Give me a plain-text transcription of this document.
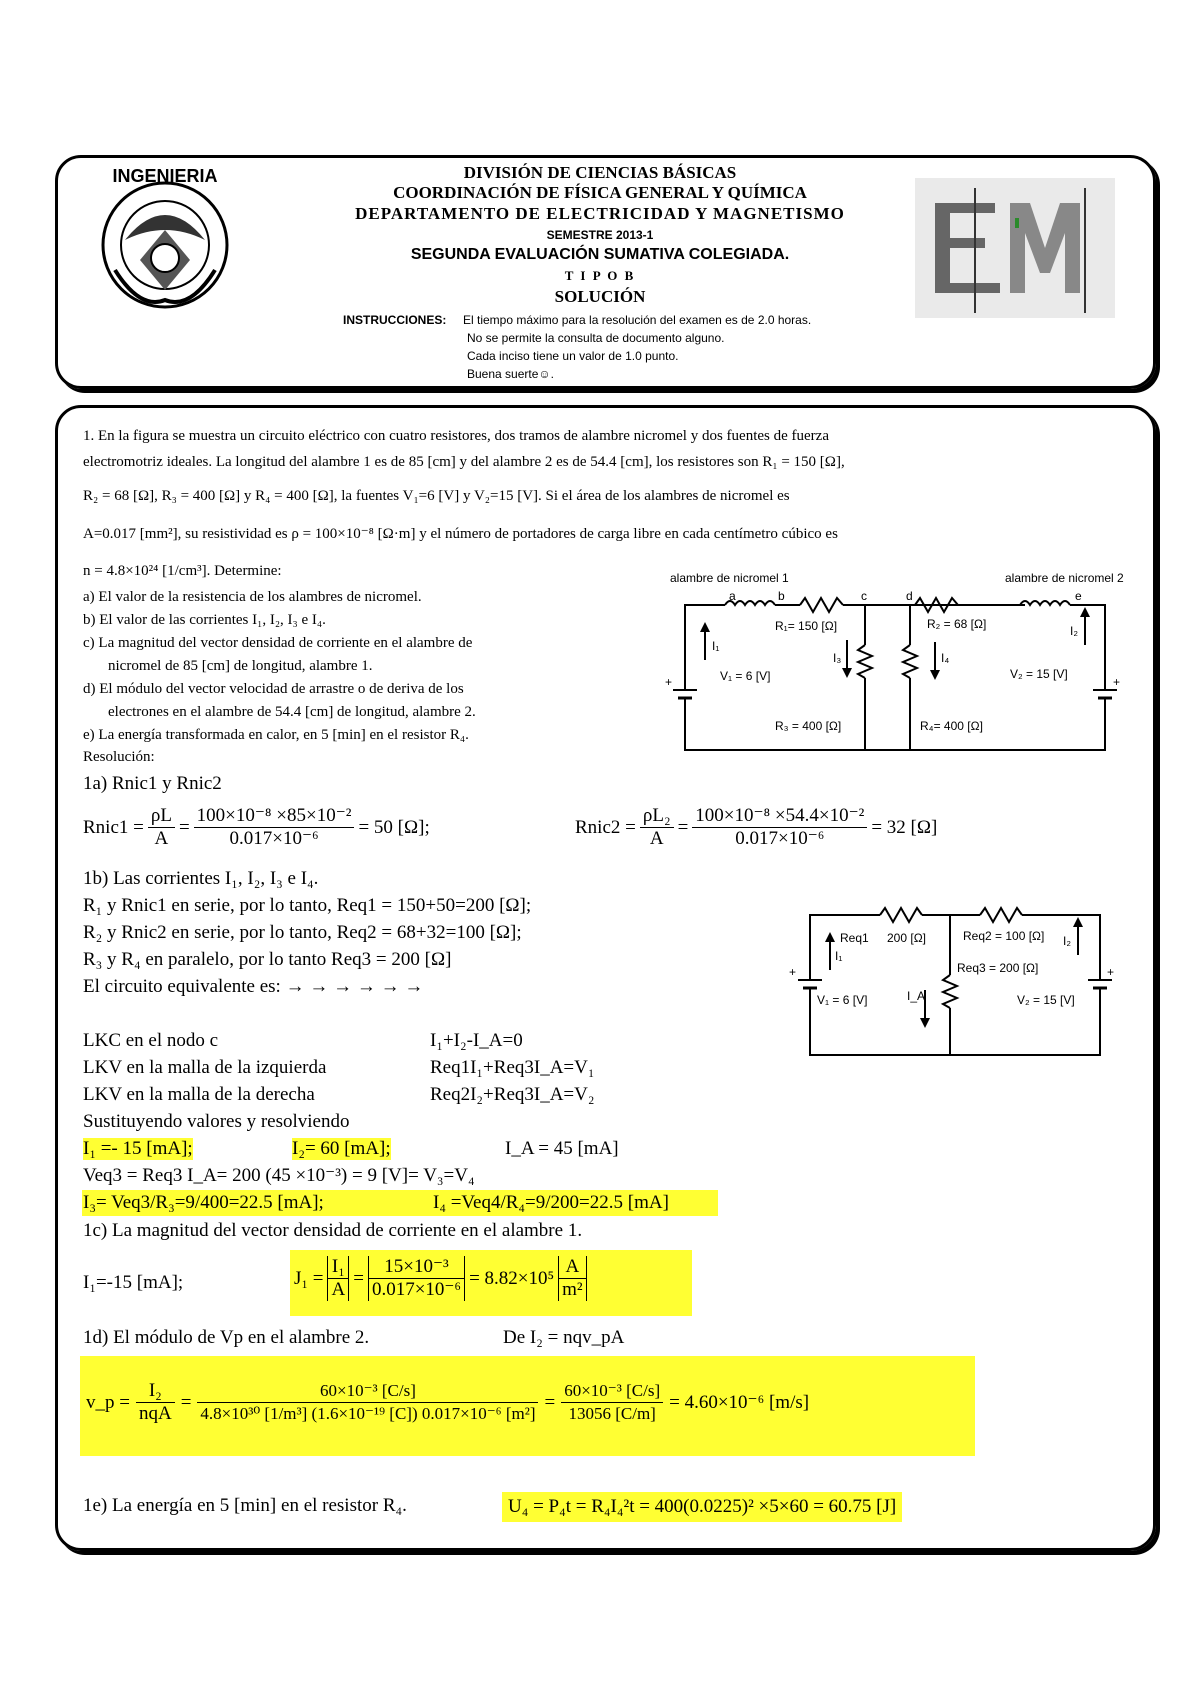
INGENIERIA	DIVISIÓN DE CIENCIAS BÁSICAS
COORDINACIÓN DE FÍSICA GENERAL Y QUÍMICA
DEPARTAMENTO DE ELECTRICIDAD Y MAGNETISMO
SEMESTRE 2013-1
SEGUNDA EVALUACIÓN SUMATIVA COLEGIADA.
T I P O B
SOLUCIÓN
INSTRUCCIONES: El tiempo máximo para la resolución del examen es de 2.0 horas.
No se permite la consulta de documento alguno.
Cada inciso tiene un valor de 1.0 punto.
Buena suerte☺.
1. En la figura se muestra un circuito eléctrico con cuatro resistores, dos tramos de alambre nicromel y dos fuentes de fuerza
electromotriz ideales. La longitud del alambre 1 es de 85 [cm] y del alambre 2 es de 54.4 [cm], los resistores son R₁ = 150 [Ω],
R₂ = 68 [Ω], R₃ = 400 [Ω] y R₄ = 400 [Ω], la fuentes V₁=6 [V] y V₂=15 [V]. Si el área de los alambres de nicromel es
A=0.017 [mm²], su resistividad es ρ = 100×10⁻⁸ [Ω·m] y el número de portadores de carga libre en cada centímetro cúbico es
n = 4.8×10²⁴ [1/cm³]. Determine:
a) El valor de la resistencia de los alambres de nicromel.
b) El valor de las corrientes I₁, I₂, I₃ e I₄.
c) La magnitud del vector densidad de corriente en el alambre de
nicromel de 85 [cm] de longitud, alambre 1.
d) El módulo del vector velocidad de arrastre o de deriva de los
electrones en el alambre de 54.4 [cm] de longitud, alambre 2.
e) La energía transformada en calor, en 5 [min] en el resistor R₄.
Resolución:
alambre de nicromel 1	alambre de nicromel 2
a	b	c	d	e
R₁= 150 [Ω]	R₂ = 68 [Ω]
R₃ = 400 [Ω]	R₄= 400 [Ω]
V₁ = 6 [V]	V₂ = 15 [V]
I₁
I₂
I₃	I₄
+	+
1a) Rnic1 y Rnic2
Rnic1 = $\frac{\rho L}{A} = \frac{\text{100×10⁻⁸ ×85×10⁻²}}{\text{0.017×10⁻⁶}} = 50$ [Ω];	Rnic2 = $\frac{\text{ρL₂}}{A} = \frac{\text{100×10⁻⁸ ×54.4×10⁻²}}{\text{0.017×10⁻⁶}} = 32$ [Ω]
1b) Las corrientes I₁, I₂, I₃ e I₄.
R₁ y Rnic1 en serie, por lo tanto, Req1 = 150+50=200 [Ω];
R₂ y Rnic2 en serie, por lo tanto, Req2 = 68+32=100 [Ω];
R₃ y R₄ en paralelo, por lo tanto Req3 = 200 [Ω]
El circuito equivalente es: → → → → → →
Req1 200 [Ω]	Req2 = 100 [Ω]
Req3 = 200 [Ω]
V₁ = 6 [V]	V₂ = 15 [V]
I₁
I₂
I_A
+	+
LKC en el nodo c	I₁+I₂-I_A=0
LKV en la malla de la izquierda	Req1I₁+Req3I_A=V₁
LKV en la malla de la derecha	Req2I₂+Req3I_A=V₂
Sustituyendo valores y resolviendo
I₁ =- 15 [mA];	I₂= 60 [mA];	I_A = 45 [mA]
Veq3 = Req3 I_A= 200 (45 ×10⁻³) = 9 [V]= V₃=V₄
I₃= Veq3/R₃=9/400=22.5 [mA];	I₄ =Veq4/R₄=9/200=22.5 [mA]
1c) La magnitud del vector densidad de corriente en el alambre 1.
I₁=-15 [mA];	$J_1 = \frac{\text{I₁}}{A} = \frac{\text{15×10⁻³}}{\text{0.017×10⁻⁶}} = 8.82\times 10^5 \frac{A}{\text{m²}}$
1d) El módulo de Vp en el alambre 2.	De I₂ = nqv_pA
v_p = $\frac{\text{I₂}}{\text{nqA}} = \frac{\text{60×10⁻³ [C/s]}}{\text{4.8×10³⁰ [1/m³] (1.6×10⁻¹⁹ [C]) 0.017×10⁻⁶ [m²]}} = \frac{\text{60×10⁻³ [C/s]}}{13056 [C/m]} = 4.60\times 10^{-6}$ [m/s]
1e) La energía en 5 [min] en el resistor R₄.	U₄ = P₄t = R₄I₄²t = 400(0.0225)² ×5×60 = 60.75 [J]
